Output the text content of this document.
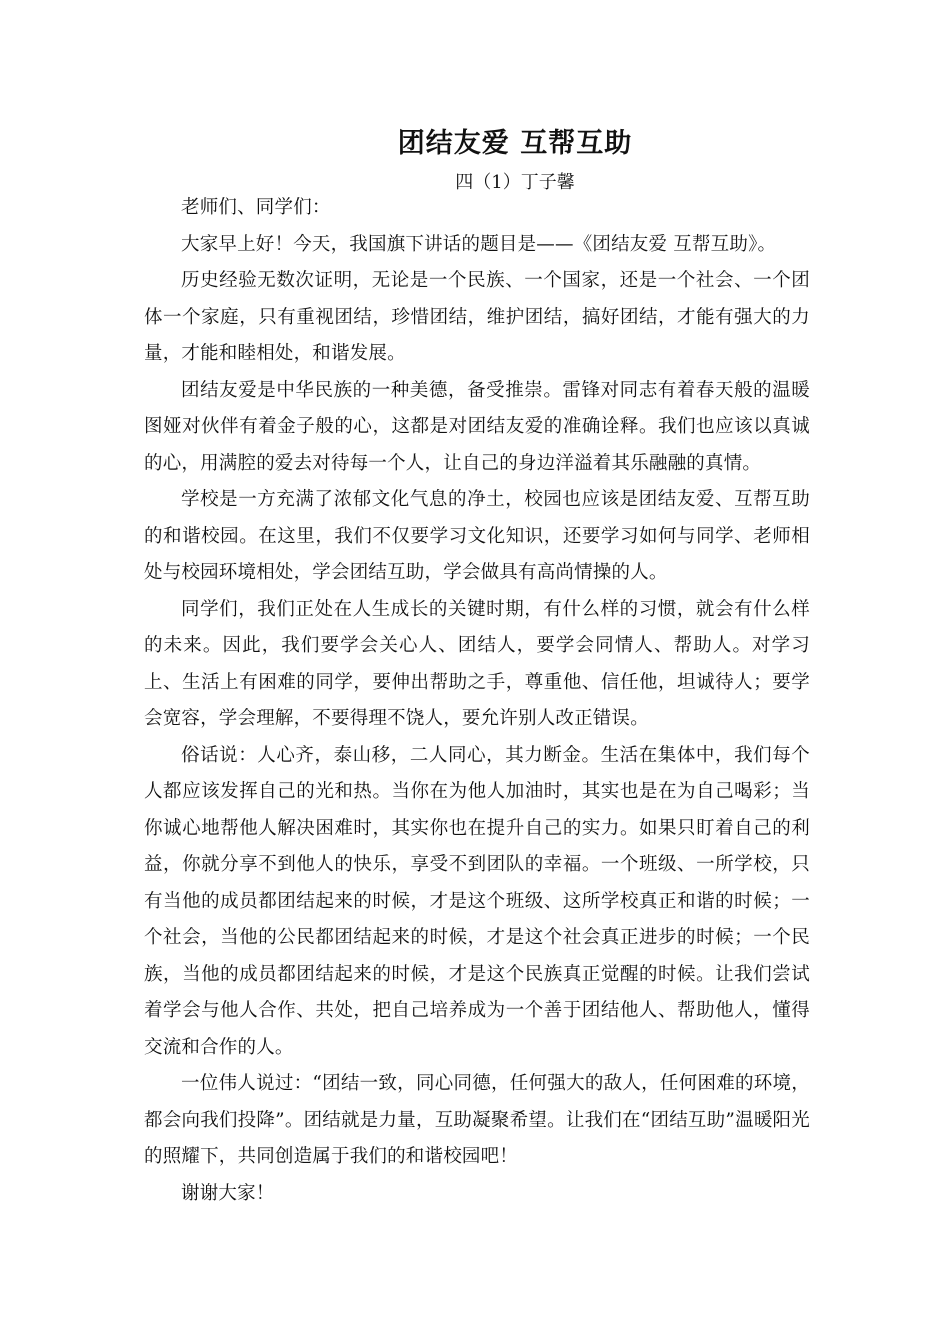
团结友爱 互帮互助
四（1）丁子馨

老师们、同学们：

大家早上好！今天，我国旗下讲话的题目是——《团结友爱 互帮互助》。

历史经验无数次证明，无论是一个民族、一个国家，还是一个社会、一个团体一个家庭，只有重视团结，珍惜团结，维护团结，搞好团结，才能有强大的力量，才能和睦相处，和谐发展。

团结友爱是中华民族的一种美德，备受推崇。雷锋对同志有着春天般的温暖图娅对伙伴有着金子般的心，这都是对团结友爱的准确诠释。我们也应该以真诚的心，用满腔的爱去对待每一个人，让自己的身边洋溢着其乐融融的真情。

学校是一方充满了浓郁文化气息的净土，校园也应该是团结友爱、互帮互助的和谐校园。在这里，我们不仅要学习文化知识，还要学习如何与同学、老师相处与校园环境相处，学会团结互助，学会做具有高尚情操的人。

同学们，我们正处在人生成长的关键时期，有什么样的习惯，就会有什么样的未来。因此，我们要学会关心人、团结人，要学会同情人、帮助人。对学习上、生活上有困难的同学，要伸出帮助之手，尊重他、信任他，坦诚待人；要学会宽容，学会理解，不要得理不饶人，要允许别人改正错误。

俗话说：人心齐，泰山移，二人同心，其力断金。生活在集体中，我们每个人都应该发挥自己的光和热。当你在为他人加油时，其实也是在为自己喝彩；当你诚心地帮他人解决困难时，其实你也在提升自己的实力。如果只盯着自己的利益，你就分享不到他人的快乐，享受不到团队的幸福。一个班级、一所学校，只有当他的成员都团结起来的时候，才是这个班级、这所学校真正和谐的时候；一个社会，当他的公民都团结起来的时候，才是这个社会真正进步的时候；一个民族，当他的成员都团结起来的时候，才是这个民族真正觉醒的时候。让我们尝试着学会与他人合作、共处，把自己培养成为一个善于团结他人、帮助他人，懂得交流和合作的人。

一位伟人说过：“团结一致，同心同德，任何强大的敌人，任何困难的环境，都会向我们投降”。团结就是力量，互助凝聚希望。让我们在“团结互助”温暖阳光的照耀下，共同创造属于我们的和谐校园吧！

谢谢大家！
